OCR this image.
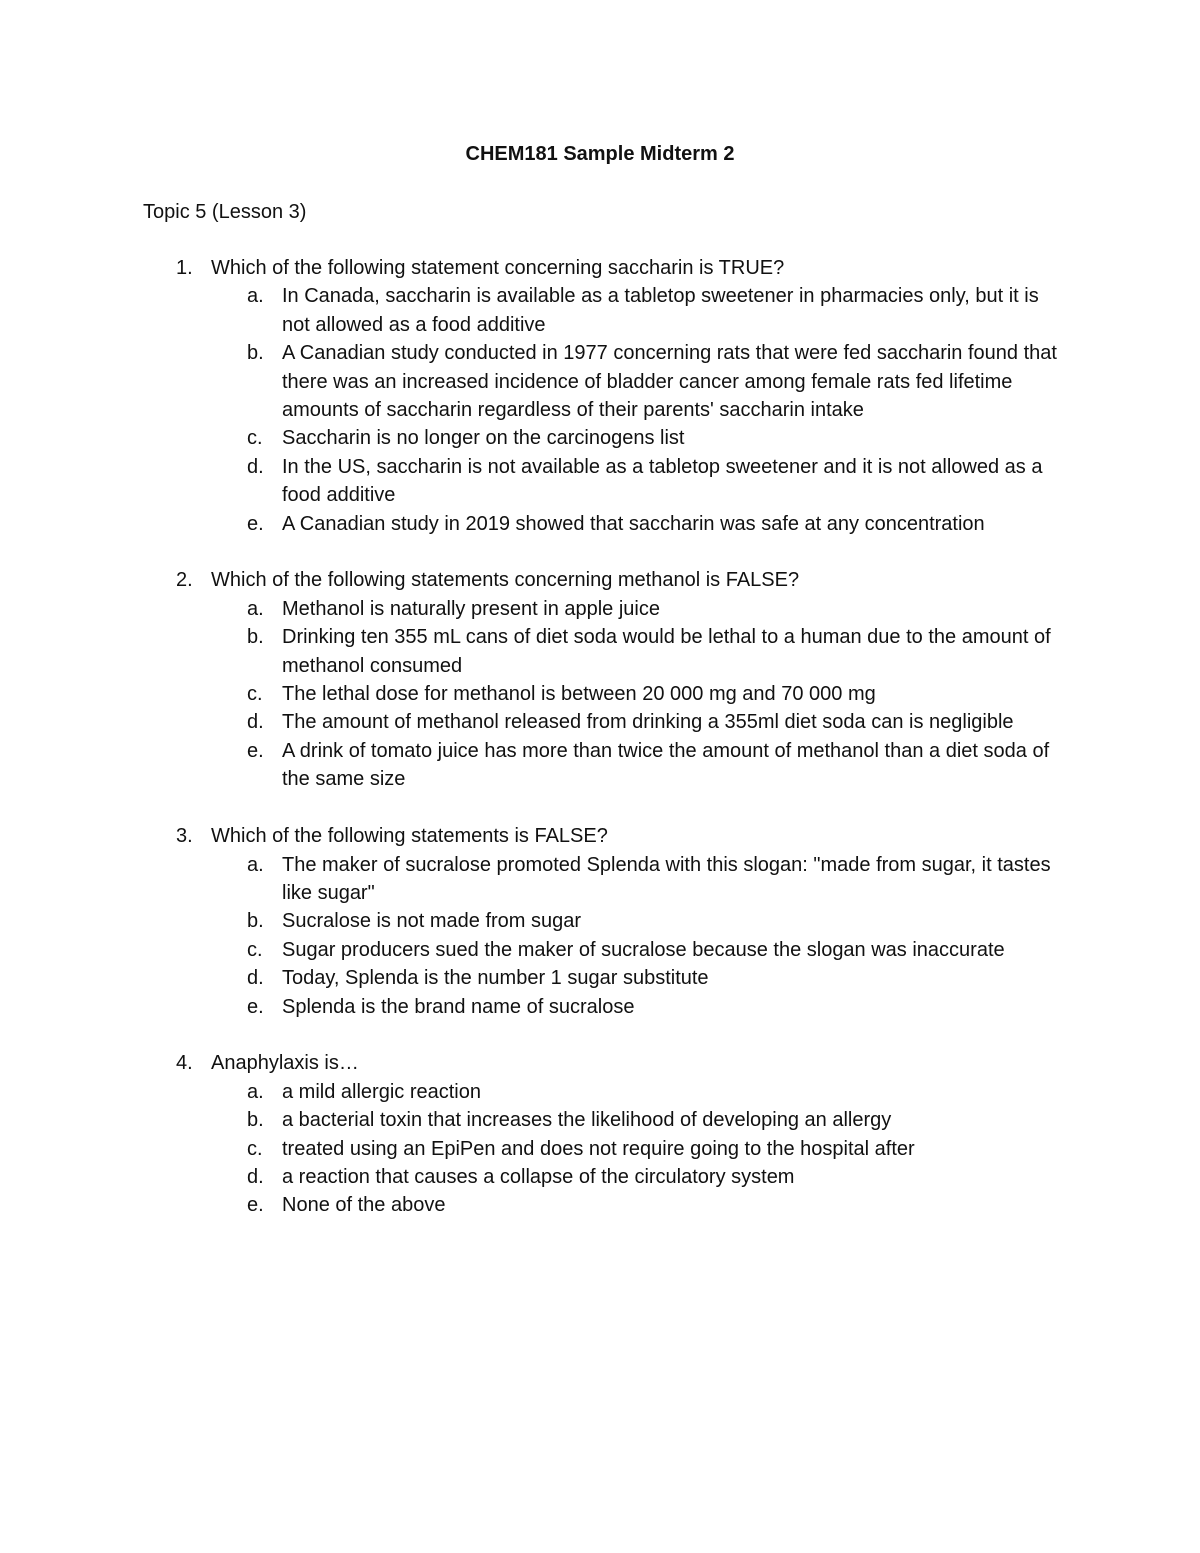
CHEM181 Sample Midterm 2

Topic 5 (Lesson 3)

1. Which of the following statement concerning saccharin is TRUE?
a. In Canada, saccharin is available as a tabletop sweetener in pharmacies only, but it is not allowed as a food additive
b. A Canadian study conducted in 1977 concerning rats that were fed saccharin found that there was an increased incidence of bladder cancer among female rats fed lifetime amounts of saccharin regardless of their parents' saccharin intake
c. Saccharin is no longer on the carcinogens list
d. In the US, saccharin is not available as a tabletop sweetener and it is not allowed as a food additive
e. A Canadian study in 2019 showed that saccharin was safe at any concentration
2. Which of the following statements concerning methanol is FALSE?
a. Methanol is naturally present in apple juice
b. Drinking ten 355 mL cans of diet soda would be lethal to a human due to the amount of methanol consumed
c. The lethal dose for methanol is between 20 000 mg and 70 000 mg
d. The amount of methanol released from drinking a 355ml diet soda can is negligible
e. A drink of tomato juice has more than twice the amount of methanol than a diet soda of the same size
3. Which of the following statements is FALSE?
a. The maker of sucralose promoted Splenda with this slogan: "made from sugar, it tastes like sugar"
b. Sucralose is not made from sugar
c. Sugar producers sued the maker of sucralose because the slogan was inaccurate
d. Today, Splenda is the number 1 sugar substitute
e. Splenda is the brand name of sucralose
4. Anaphylaxis is…
a. a mild allergic reaction
b. a bacterial toxin that increases the likelihood of developing an allergy
c. treated using an EpiPen and does not require going to the hospital after
d. a reaction that causes a collapse of the circulatory system
e. None of the above
